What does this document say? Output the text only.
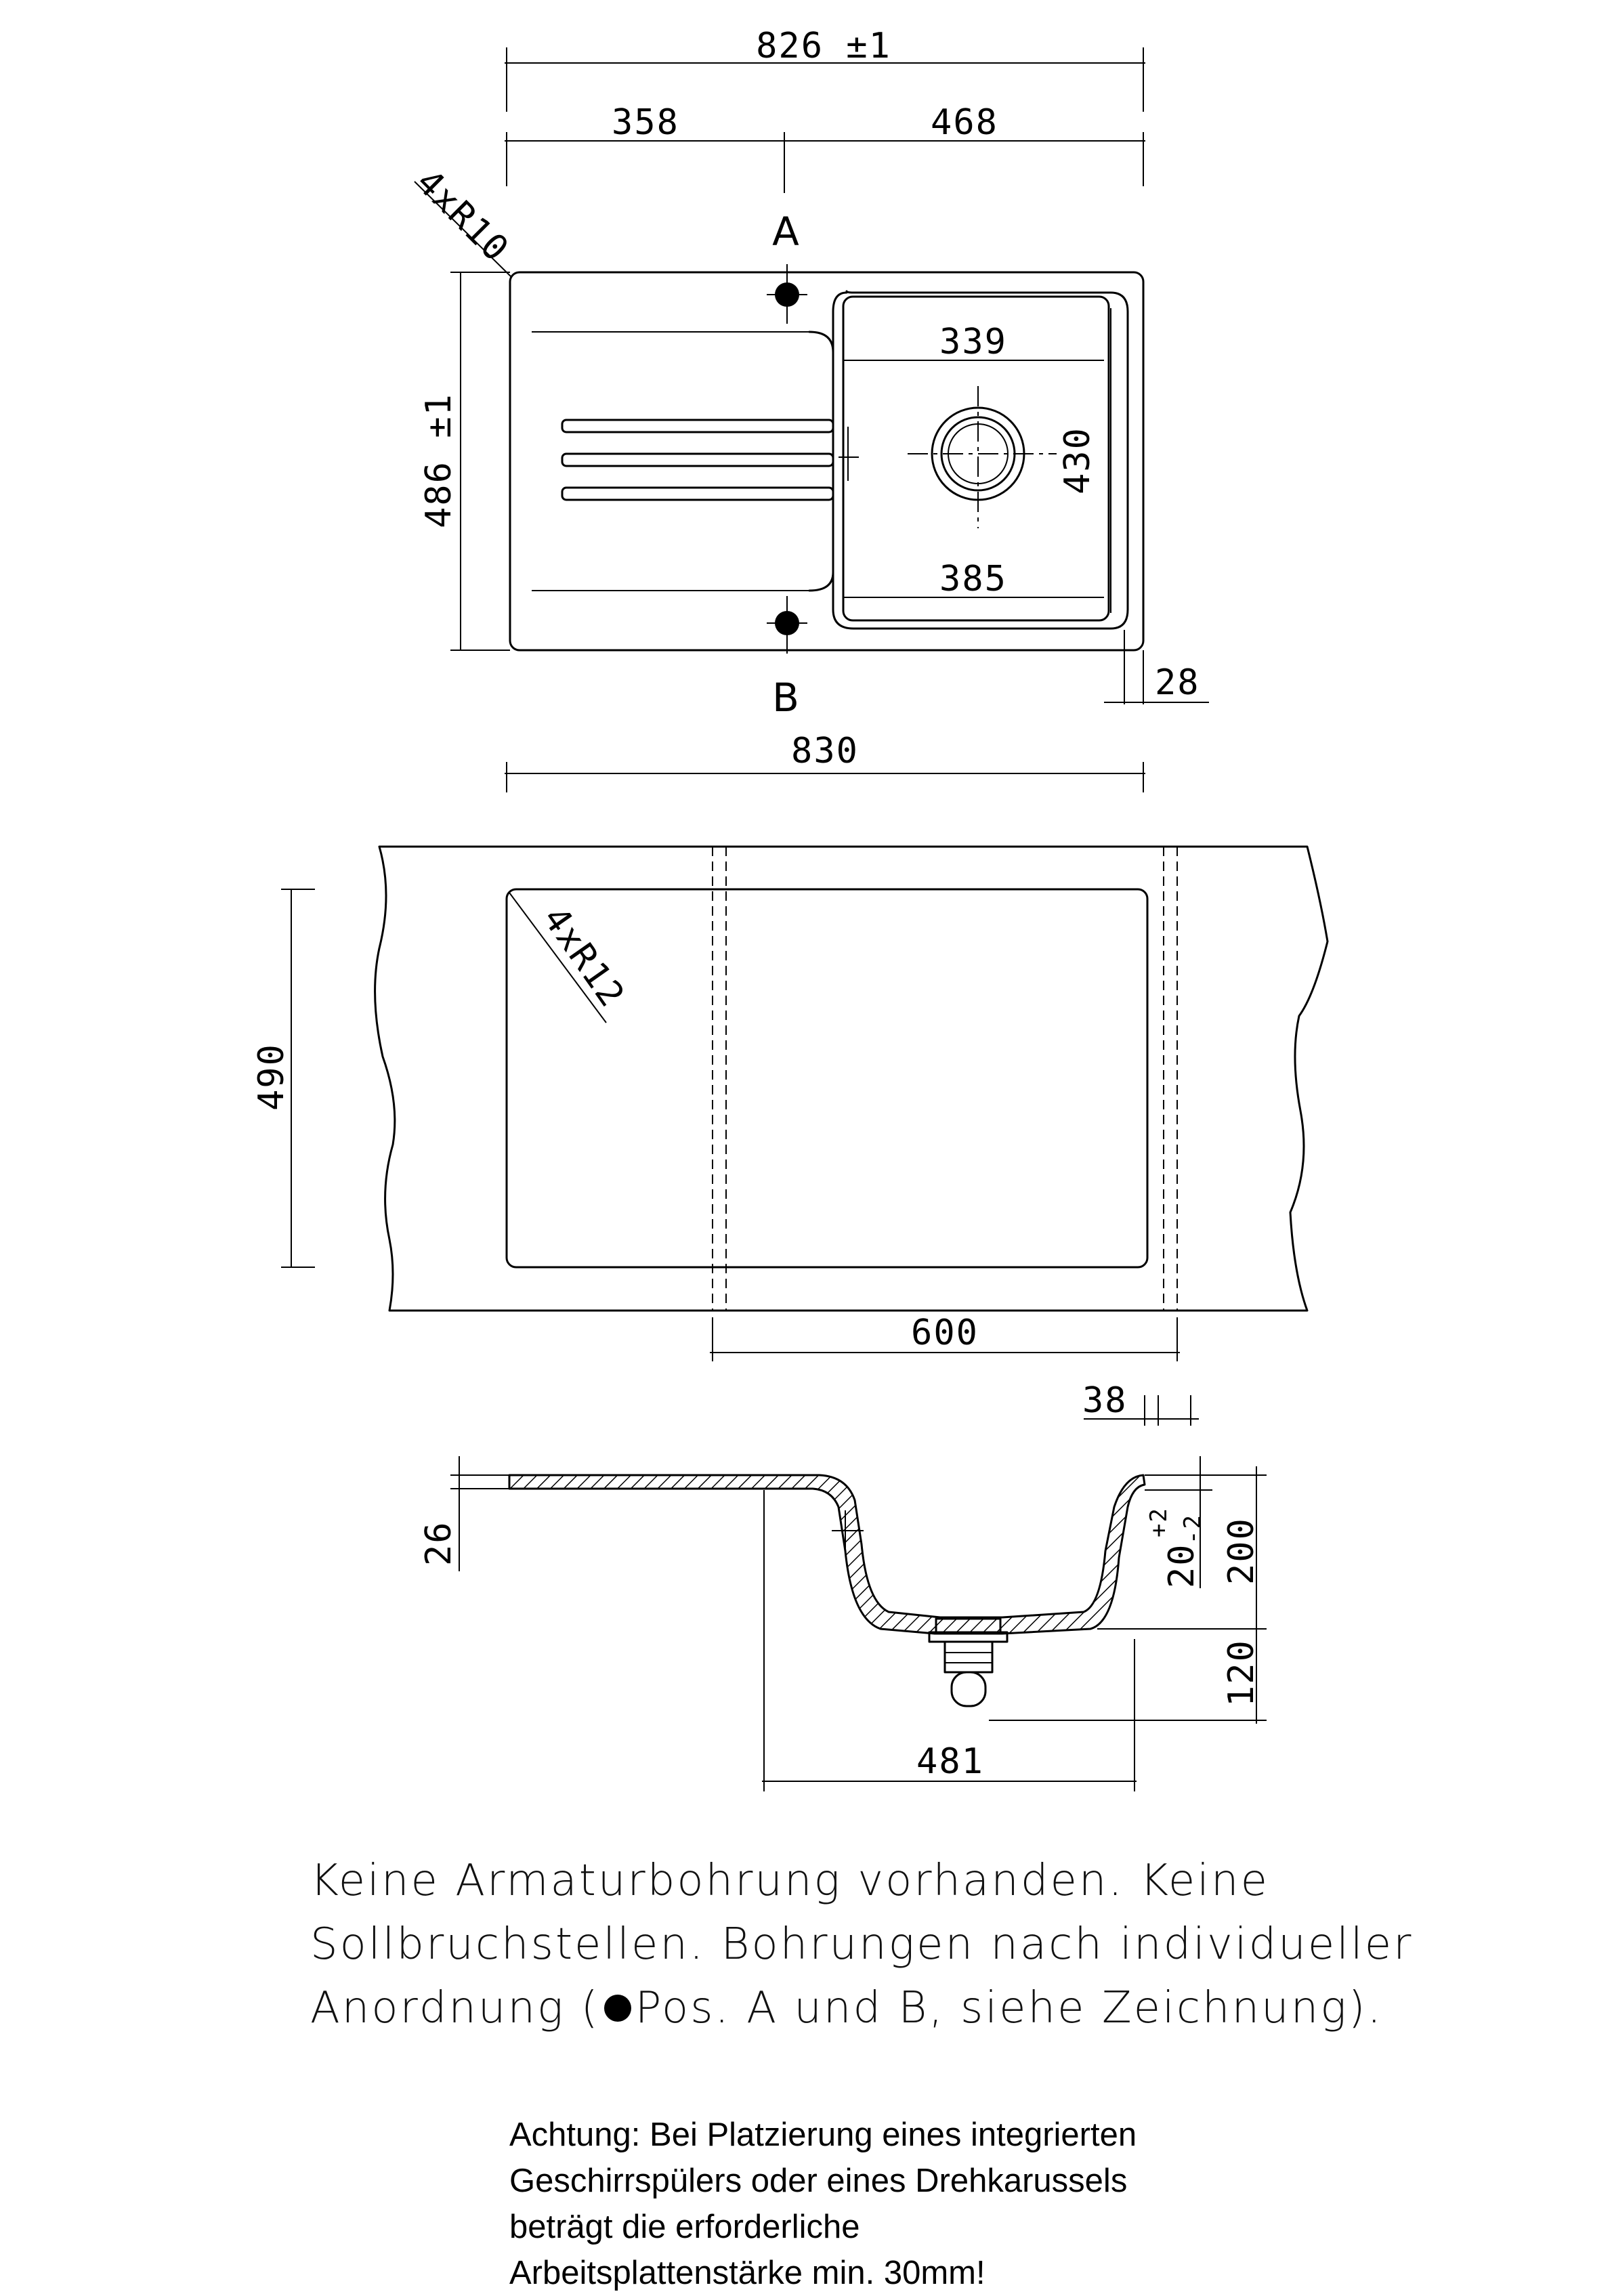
826 ±1
358	468
4xR10	A
486 ±1
B
339
385
430
28
830
4xR12
490
600
38
26	20
+2 -2 200
120
481
Keine Armaturbohrung vorhanden. Keine
Sollbruchstellen. Bohrungen nach individueller
Anordnung ( Pos. A und B, siehe Zeichnung).
Achtung: Bei Platzierung eines integrierten
Geschirrspülers oder eines Drehkarussels
beträgt die erforderliche
Arbeitsplattenstärke min. 30mm!
